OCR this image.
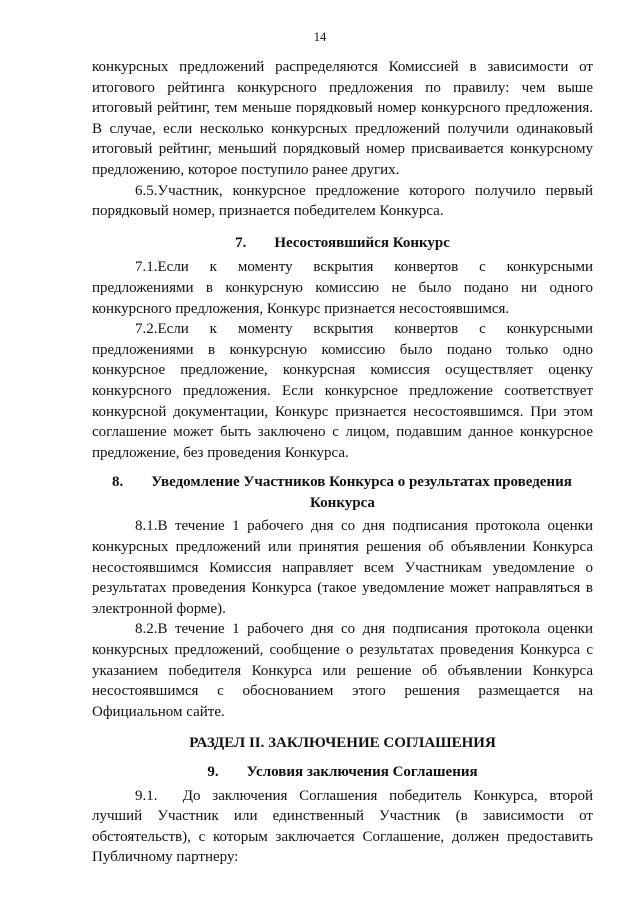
14

конкурсных предложений распределяются Комиссией в зависимости от итогового рейтинга конкурсного предложения по правилу: чем выше итоговый рейтинг, тем меньше порядковый номер конкурсного предложения. В случае, если несколько конкурсных предложений получили одинаковый итоговый рейтинг, меньший порядковый номер присваивается конкурсному предложению, которое поступило ранее других.

6.5.Участник, конкурсное предложение которого получило первый порядковый номер, признается победителем Конкурса.

7. Несостоявшийся Конкурс

7.1.Если к моменту вскрытия конвертов с конкурсными предложениями в конкурсную комиссию не было подано ни одного конкурсного предложения, Конкурс признается несостоявшимся.

7.2.Если к моменту вскрытия конвертов с конкурсными предложениями в конкурсную комиссию было подано только одно конкурсное предложение, конкурсная комиссия осуществляет оценку конкурсного предложения. Если конкурсное предложение соответствует конкурсной документации, Конкурс признается несостоявшимся. При этом соглашение может быть заключено с лицом, подавшим данное конкурсное предложение, без проведения Конкурса.

8. Уведомление Участников Конкурса о результатах проведения
Конкурса

8.1.В течение 1 рабочего дня со дня подписания протокола оценки конкурсных предложений или принятия решения об объявлении Конкурса несостоявшимся Комиссия направляет всем Участникам уведомление о результатах проведения Конкурса (такое уведомление может направляться в электронной форме).

8.2.В течение 1 рабочего дня со дня подписания протокола оценки конкурсных предложений, сообщение о результатах проведения Конкурса с указанием победителя Конкурса или решение об объявлении Конкурса несостоявшимся с обоснованием этого решения размещается на Официальном сайте.

РАЗДЕЛ II. ЗАКЛЮЧЕНИЕ СОГЛАШЕНИЯ
9. Условия заключения Соглашения

9.1. До заключения Соглашения победитель Конкурса, второй лучший Участник или единственный Участник (в зависимости от обстоятельств), с которым заключается Соглашение, должен предоставить Публичному партнеру:
